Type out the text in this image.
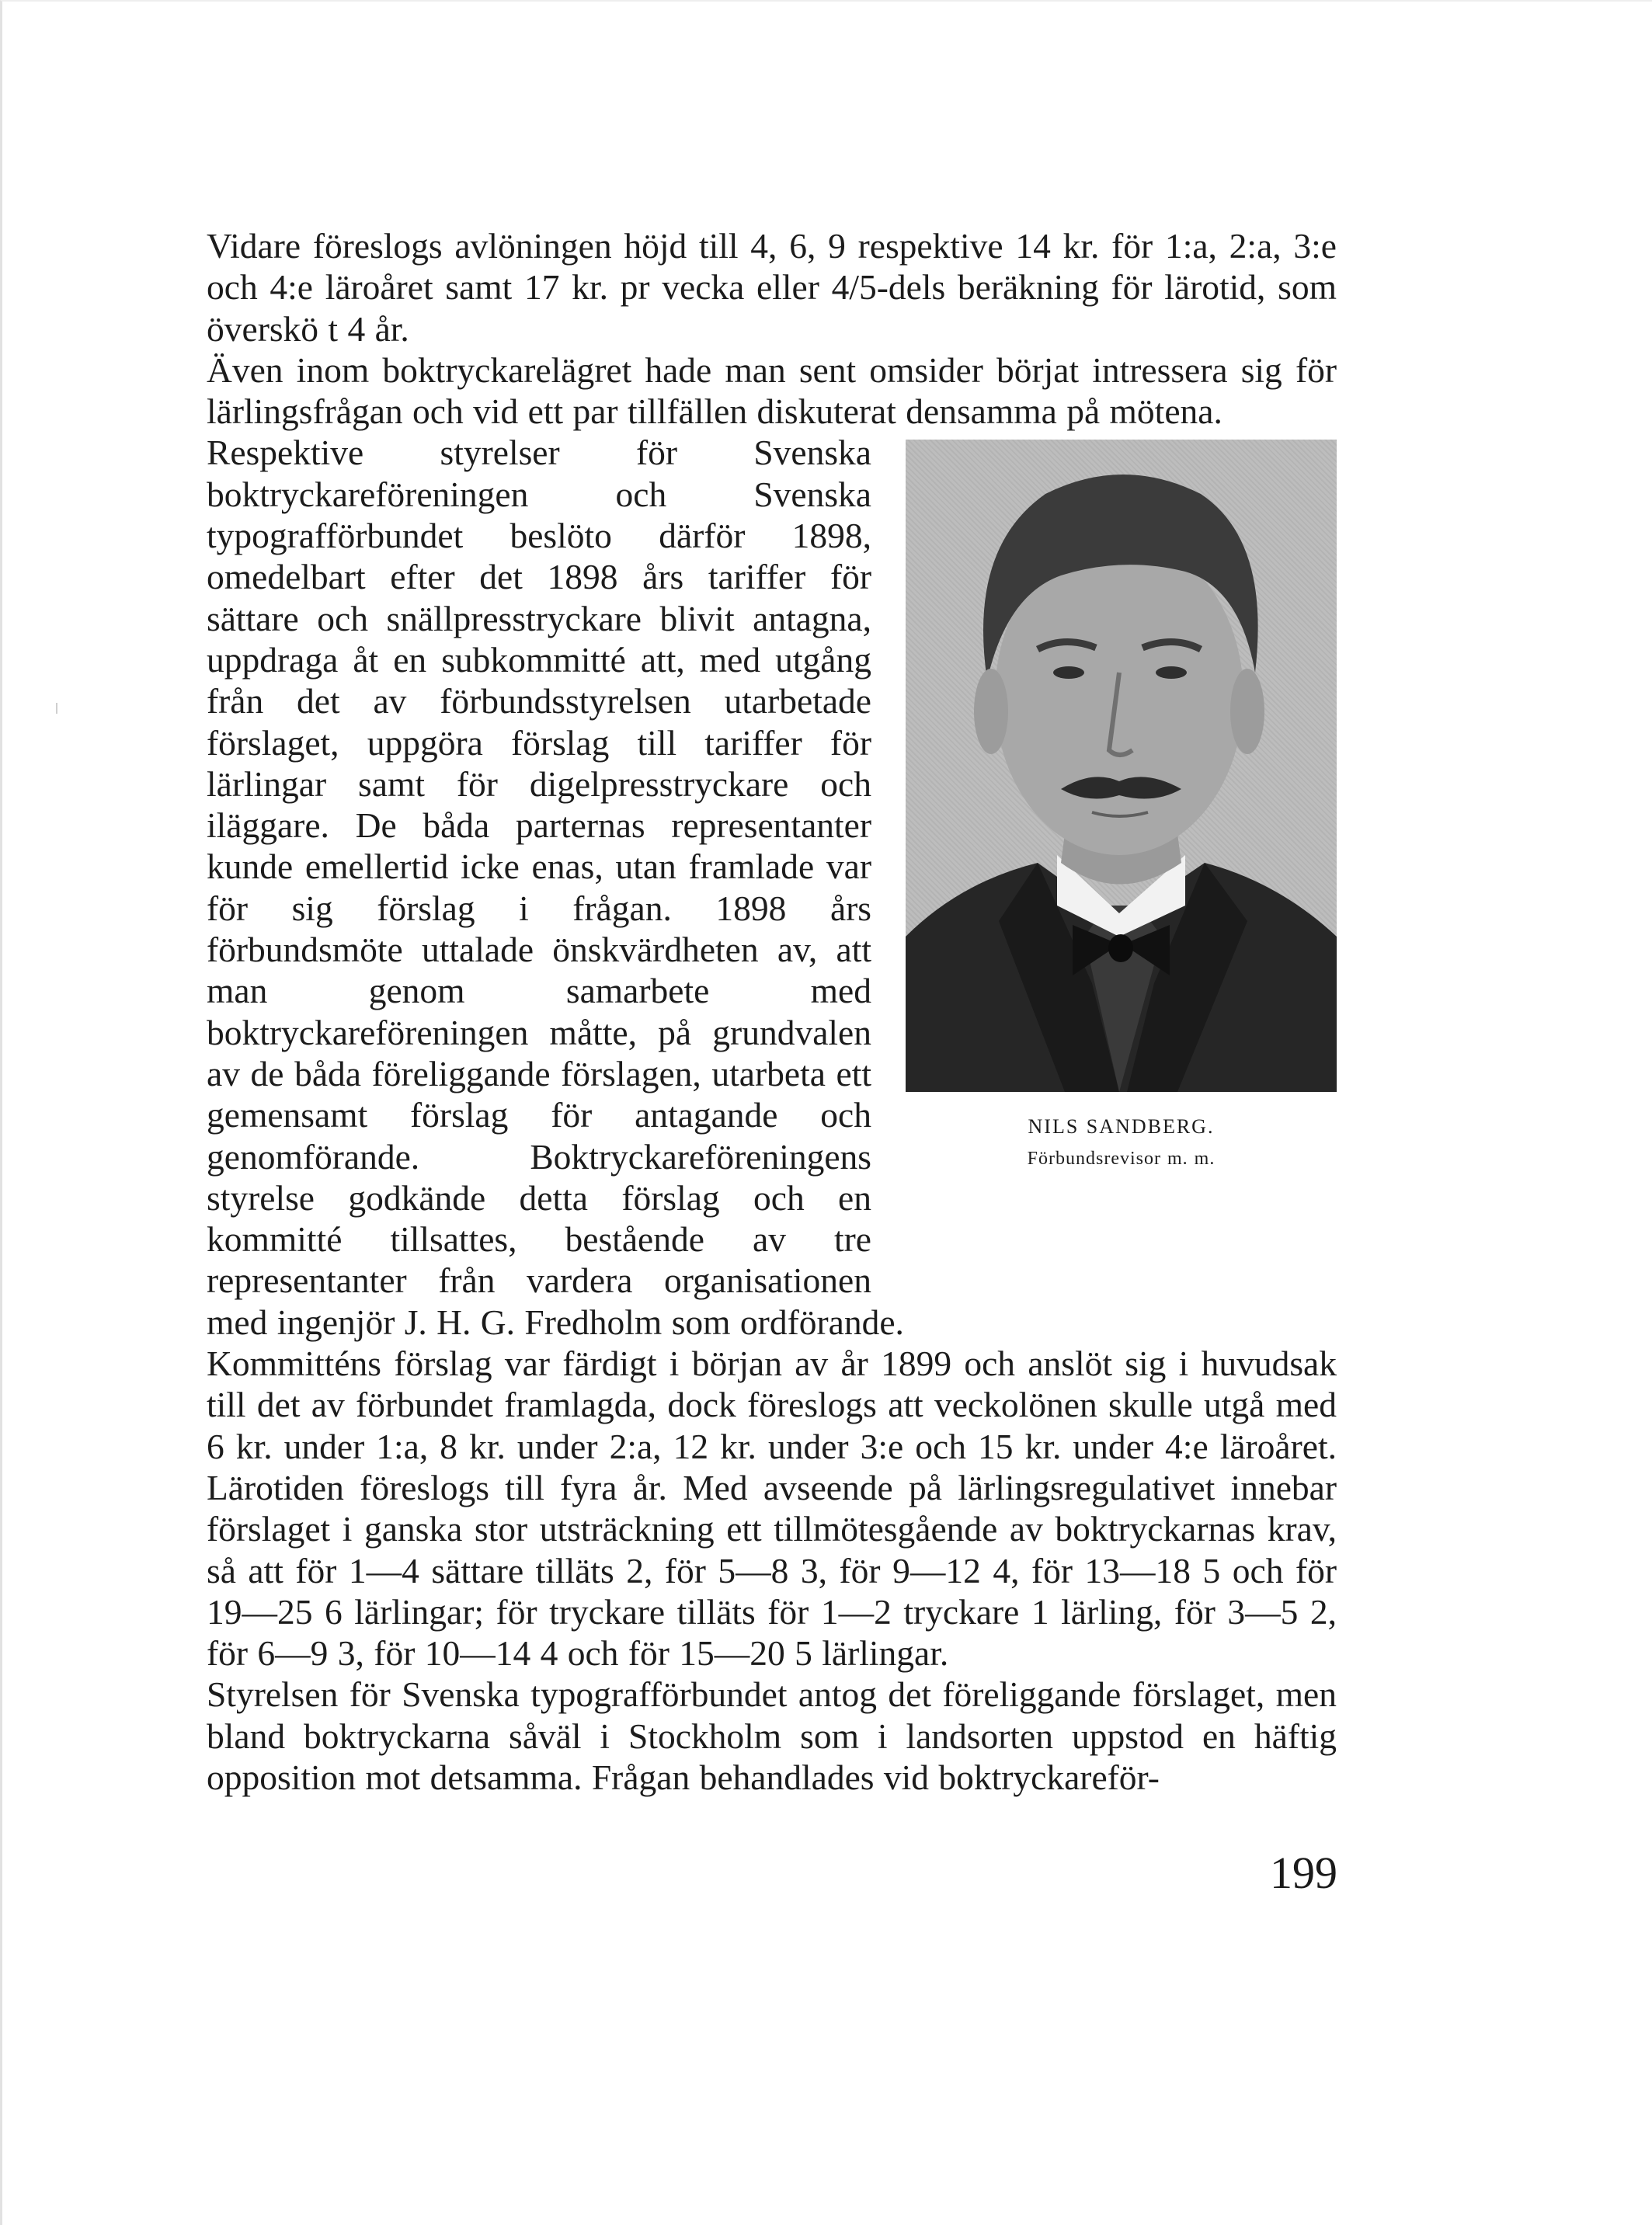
Vidare föreslogs avlöningen höjd till 4, 6, 9 respektive 14 kr. för 1:a, 2:a, 3:e och 4:e läroåret samt 17 kr. pr vecka eller 4/5-dels beräkning för lärotid, som överskö t 4 år.

Även inom boktryckarelägret hade man sent omsider börjat intressera sig för lärlingsfrågan och vid ett par tillfällen diskuterat densamma på mötena.

NILS SANDBERG.
Förbundsrevisor m. m.

Respektive styrelser för Svenska boktryckareföreningen och Svenska typografförbundet beslöto därför 1898, omedelbart efter det 1898 års tariffer för sättare och snällpresstryckare blivit antagna, uppdraga åt en subkommitté att, med utgång från det av förbundsstyrelsen utarbetade förslaget, uppgöra förslag till tariffer för lärlingar samt för digelpresstryckare och iläggare. De båda parternas representanter kunde emellertid icke enas, utan framlade var för sig förslag i frågan. 1898 års förbundsmöte uttalade önskvärdheten av, att man genom samarbete med boktryckareföreningen måtte, på grundvalen av de båda föreliggande förslagen, utarbeta ett gemensamt förslag för antagande och genomförande. Boktryckareföreningens styrelse godkände detta förslag och en kommitté tillsattes, bestående av tre representanter från vardera organisationen med ingenjör J. H. G. Fredholm som ordförande.

Kommitténs förslag var färdigt i början av år 1899 och anslöt sig i huvudsak till det av förbundet framlagda, dock föreslogs att veckolönen skulle utgå med 6 kr. under 1:a, 8 kr. under 2:a, 12 kr. under 3:e och 15 kr. under 4:e läroåret. Lärotiden föreslogs till fyra år. Med avseende på lärlingsregulativet innebar förslaget i ganska stor utsträckning ett tillmötesgående av boktryckarnas krav, så att för 1—4 sättare tilläts 2, för 5—8 3, för 9—12 4, för 13—18 5 och för 19—25 6 lärlingar; för tryckare tilläts för 1—2 tryckare 1 lärling, för 3—5 2, för 6—9 3, för 10—14 4 och för 15—20 5 lärlingar.

Styrelsen för Svenska typografförbundet antog det föreliggande förslaget, men bland boktryckarna såväl i Stockholm som i landsorten uppstod en häftig opposition mot detsamma. Frågan behandlades vid boktryckareför-

199
